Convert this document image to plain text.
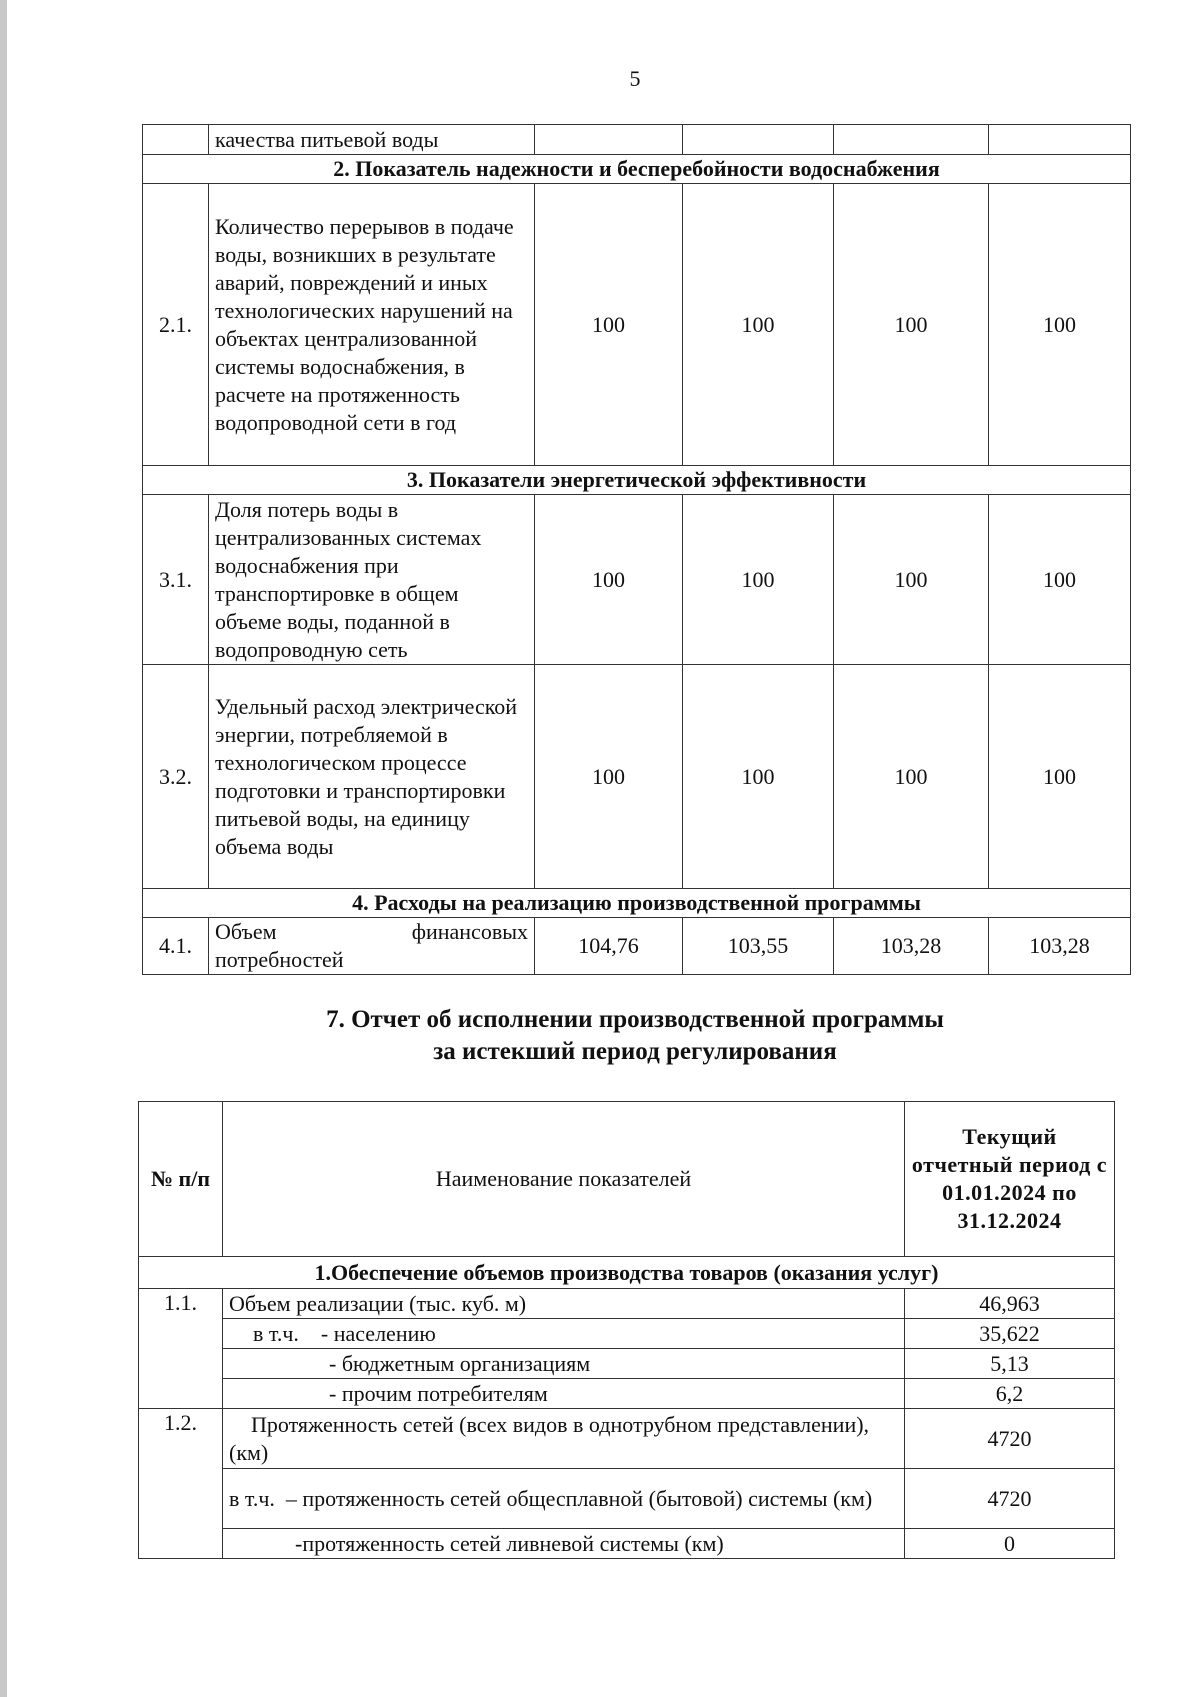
5
	качества питьевой воды				
2. Показатель надежности и бесперебойности водоснабжения					
2.1.	Количество перерывов в подаче воды, возникших в результате аварий, повреждений и иных технологических нарушений на объектах централизованной системы водоснабжения, в расчете на протяженность водопроводной сети в год	100	100	100	100
3. Показатели энергетической эффективности					
3.1.	Доля потерь воды в централизованных системах водоснабжения при транспортировке в общем объеме воды, поданной в водопроводную сеть	100	100	100	100
3.2.	Удельный расход электрической энергии, потребляемой в технологическом процессе подготовки и транспортировки питьевой воды, на единицу объема воды	100	100	100	100
4. Расходы на реализацию производственной программы					
4.1.	Объем финансовых потребностей	104,76	103,55	103,28	103,28
7. Отчет об исполнении производственной программы
за истекший период регулирования
№ п/п	Наименование показателей	Текущий отчетный период с 01.01.2024 по 31.12.2024
1.Обеспечение объемов производства товаров (оказания услуг)		
1.1.	Объем реализации (тыс. куб. м)	46,963
	в т.ч.    - населению	35,622
	- бюджетным организациям	5,13
	- прочим потребителям	6,2
1.2.	Протяженность сетей (всех видов в однотрубном представлении), (км)	4720
	в т.ч.  – протяженность сетей общесплавной (бытовой) системы (км)	4720
	-протяженность сетей ливневой системы (км)	0
